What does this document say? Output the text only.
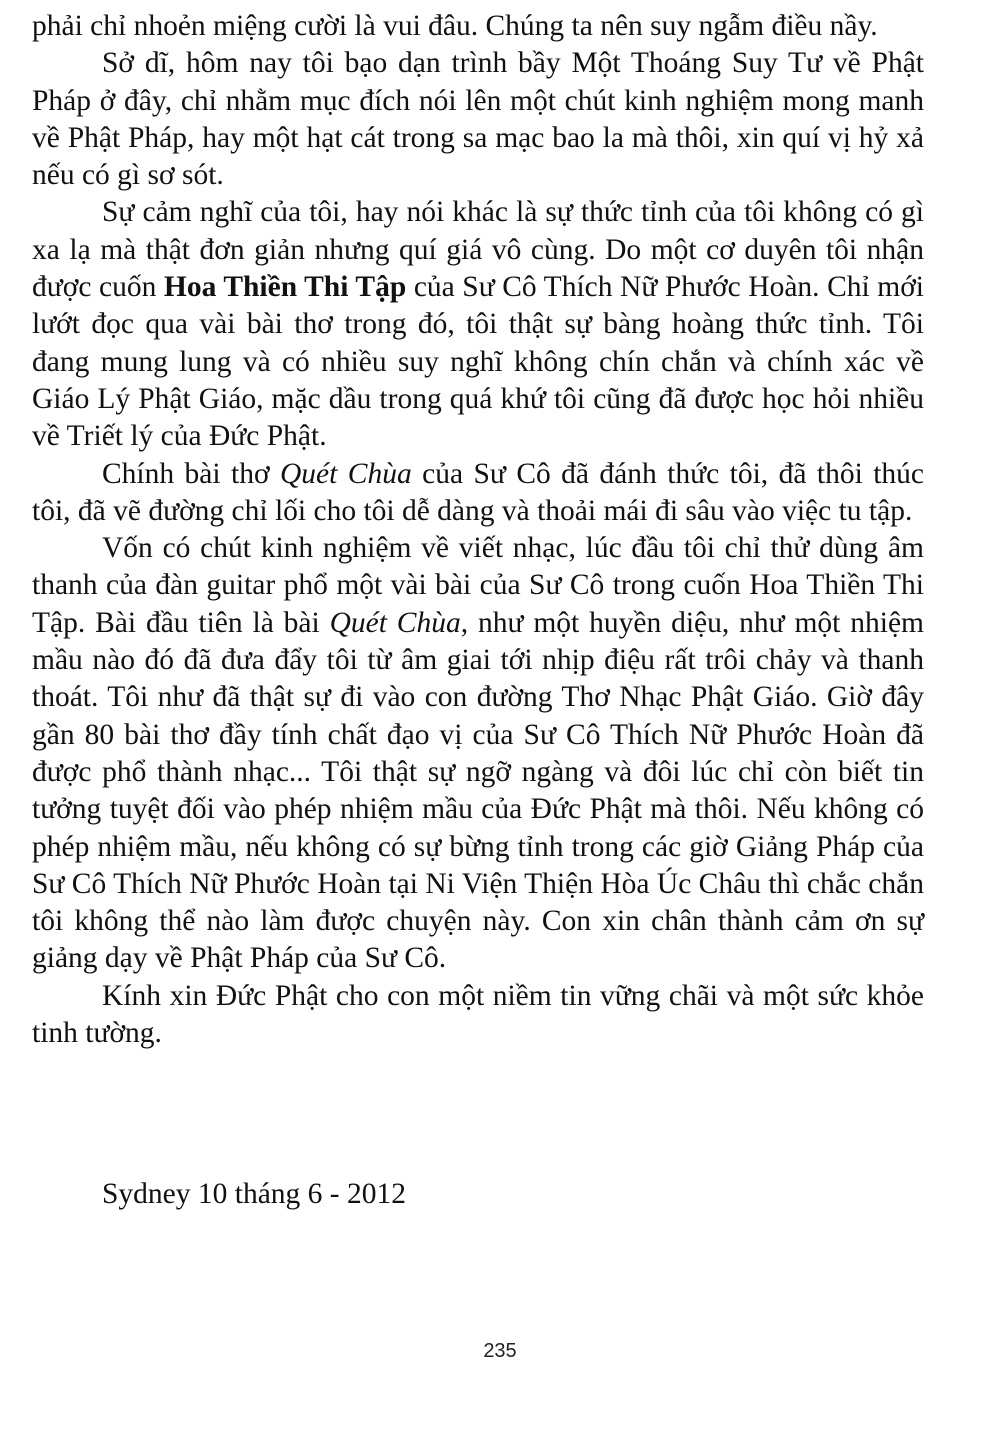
phải chỉ nhoẻn miệng cười là vui đâu. Chúng ta nên suy ngẫm điều nầy.

Sở dĩ, hôm nay tôi bạo dạn trình bầy Một Thoáng Suy Tư về Phật Pháp ở đây, chỉ nhằm mục đích nói lên một chút kinh nghiệm mong manh về Phật Pháp, hay một hạt cát trong sa mạc bao la mà thôi, xin quí vị hỷ xả nếu có gì sơ sót.

Sự cảm nghĩ của tôi, hay nói khác là sự thức tỉnh của tôi không có gì xa lạ mà thật đơn giản nhưng quí giá vô cùng. Do một cơ duyên tôi nhận được cuốn Hoa Thiền Thi Tập của Sư Cô Thích Nữ Phước Hoàn. Chỉ mới lướt đọc qua vài bài thơ trong đó, tôi thật sự bàng hoàng thức tỉnh. Tôi đang mung lung và có nhiều suy nghĩ không chín chắn và chính xác về Giáo Lý Phật Giáo, mặc dầu trong quá khứ tôi cũng đã được học hỏi nhiều về Triết lý của Đức Phật.

Chính bài thơ Quét Chùa của Sư Cô đã đánh thức tôi, đã thôi thúc tôi, đã vẽ đường chỉ lối cho tôi dễ dàng và thoải mái đi sâu vào việc tu tập.

Vốn có chút kinh nghiệm về viết nhạc, lúc đầu tôi chỉ thử dùng âm thanh của đàn guitar phổ một vài bài của Sư Cô trong cuốn Hoa Thiền Thi Tập. Bài đầu tiên là bài Quét Chùa, như một huyền diệu, như một nhiệm mầu nào đó đã đưa đẩy tôi từ âm giai tới nhịp điệu rất trôi chảy và thanh thoát. Tôi như đã thật sự đi vào con đường Thơ Nhạc Phật Giáo. Giờ đây gần 80 bài thơ đầy tính chất đạo vị của Sư Cô Thích Nữ Phước Hoàn đã được phổ thành nhạc... Tôi thật sự ngỡ ngàng và đôi lúc chỉ còn biết tin tưởng tuyệt đối vào phép nhiệm mầu của Đức Phật mà thôi. Nếu không có phép nhiệm mầu, nếu không có sự bừng tỉnh trong các giờ Giảng Pháp của Sư Cô Thích Nữ Phước Hoàn tại Ni Viện Thiện Hòa Úc Châu thì chắc chắn tôi không thể nào làm được chuyện này. Con xin chân thành cảm ơn sự giảng dạy về Phật Pháp của Sư Cô.

Kính xin Đức Phật cho con một niềm tin vững chãi và một sức khỏe tinh tường.

Sydney 10 tháng 6 - 2012
235
